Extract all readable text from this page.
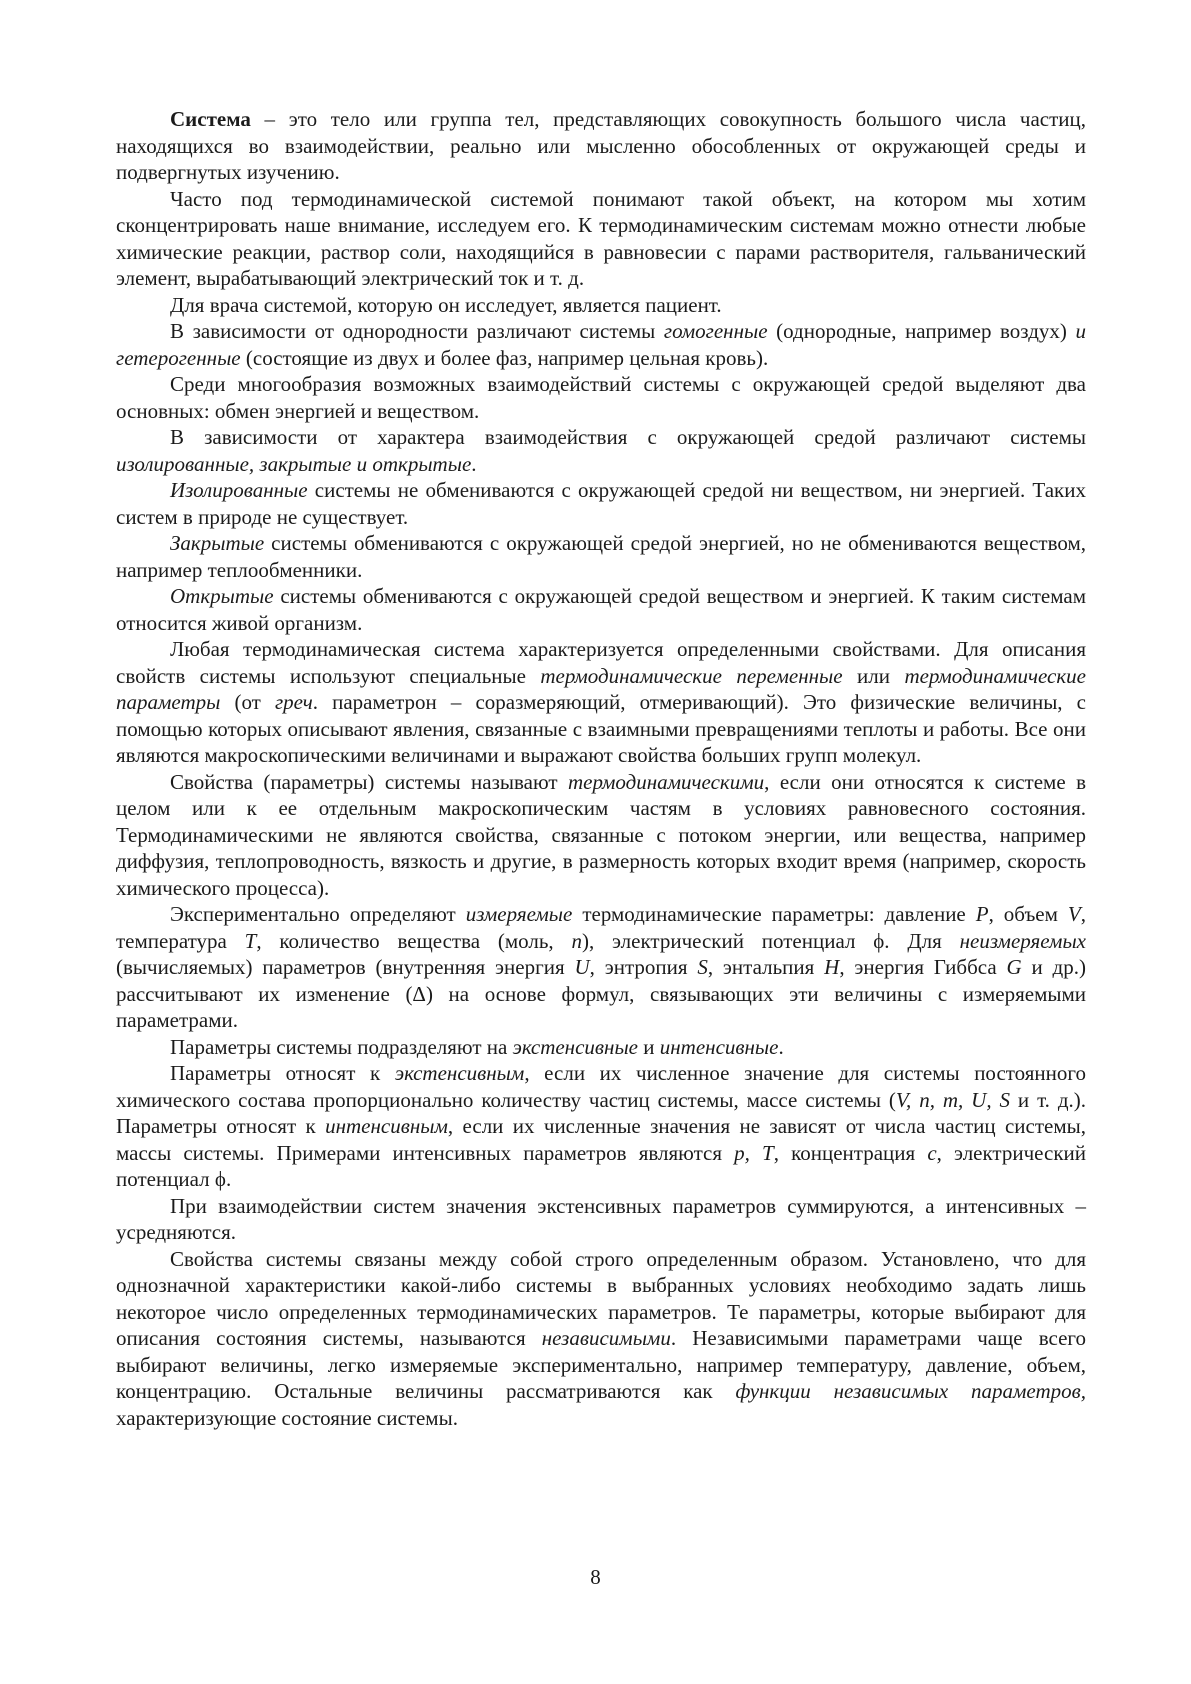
Система – это тело или группа тел, представляющих совокупность большого числа частиц, находящихся во взаимодействии, реально или мысленно обособленных от окружающей среды и подвергнутых изучению.

Часто под термодинамической системой понимают такой объект, на котором мы хотим сконцентрировать наше внимание, исследуем его. К термодинамическим системам можно отнести любые химические реакции, раствор соли, находящийся в равновесии с парами растворителя, гальванический элемент, вырабатывающий электрический ток и т. д.

Для врача системой, которую он исследует, является пациент.

В зависимости от однородности различают системы гомогенные (однородные, например воздух) и гетерогенные (состоящие из двух и более фаз, например цельная кровь).

Среди многообразия возможных взаимодействий системы с окружающей средой выделяют два основных: обмен энергией и веществом.

В зависимости от характера взаимодействия с окружающей средой различают системы изолированные, закрытые и открытые.

Изолированные системы не обмениваются с окружающей средой ни веществом, ни энергией. Таких систем в природе не существует.

Закрытые системы обмениваются с окружающей средой энергией, но не обмениваются веществом, например теплообменники.

Открытые системы обмениваются с окружающей средой веществом и энергией. К таким системам относится живой организм.

Любая термодинамическая система характеризуется определенными свойствами. Для описания свойств системы используют специальные термодинамические переменные или термодинамические параметры (от греч. параметрон – соразмеряющий, отмеривающий). Это физические величины, с помощью которых описывают явления, связанные с взаимными превращениями теплоты и работы. Все они являются макроскопическими величинами и выражают свойства больших групп молекул.

Свойства (параметры) системы называют термодинамическими, если они относятся к системе в целом или к ее отдельным макроскопическим частям в условиях равновесного состояния. Термодинамическими не являются свойства, связанные с потоком энергии, или вещества, например диффузия, теплопроводность, вязкость и другие, в размерность которых входит время (например, скорость химического процесса).

Экспериментально определяют измеряемые термодинамические параметры: давление P, объем V, температура T, количество вещества (моль, n), электрический потенциал ϕ. Для неизмеряемых (вычисляемых) параметров (внутренняя энергия U, энтропия S, энтальпия H, энергия Гиббса G и др.) рассчитывают их изменение (Δ) на основе формул, связывающих эти величины с измеряемыми параметрами.

Параметры системы подразделяют на экстенсивные и интенсивные.

Параметры относят к экстенсивным, если их численное значение для системы постоянного химического состава пропорционально количеству частиц системы, массе системы (V, n, m, U, S и т. д.). Параметры относят к интенсивным, если их численные значения не зависят от числа частиц системы, массы системы. Примерами интенсивных параметров являются p, T, концентрация c, электрический потенциал ϕ.

При взаимодействии систем значения экстенсивных параметров суммируются, а интенсивных – усредняются.

Свойства системы связаны между собой строго определенным образом. Установлено, что для однозначной характеристики какой-либо системы в выбранных условиях необходимо задать лишь некоторое число определенных термодинамических параметров. Те параметры, которые выбирают для описания состояния системы, называются независимыми. Независимыми параметрами чаще всего выбирают величины, легко измеряемые экспериментально, например температуру, давление, объем, концентрацию. Остальные величины рассматриваются как функции независимых параметров, характеризующие состояние системы.

8
